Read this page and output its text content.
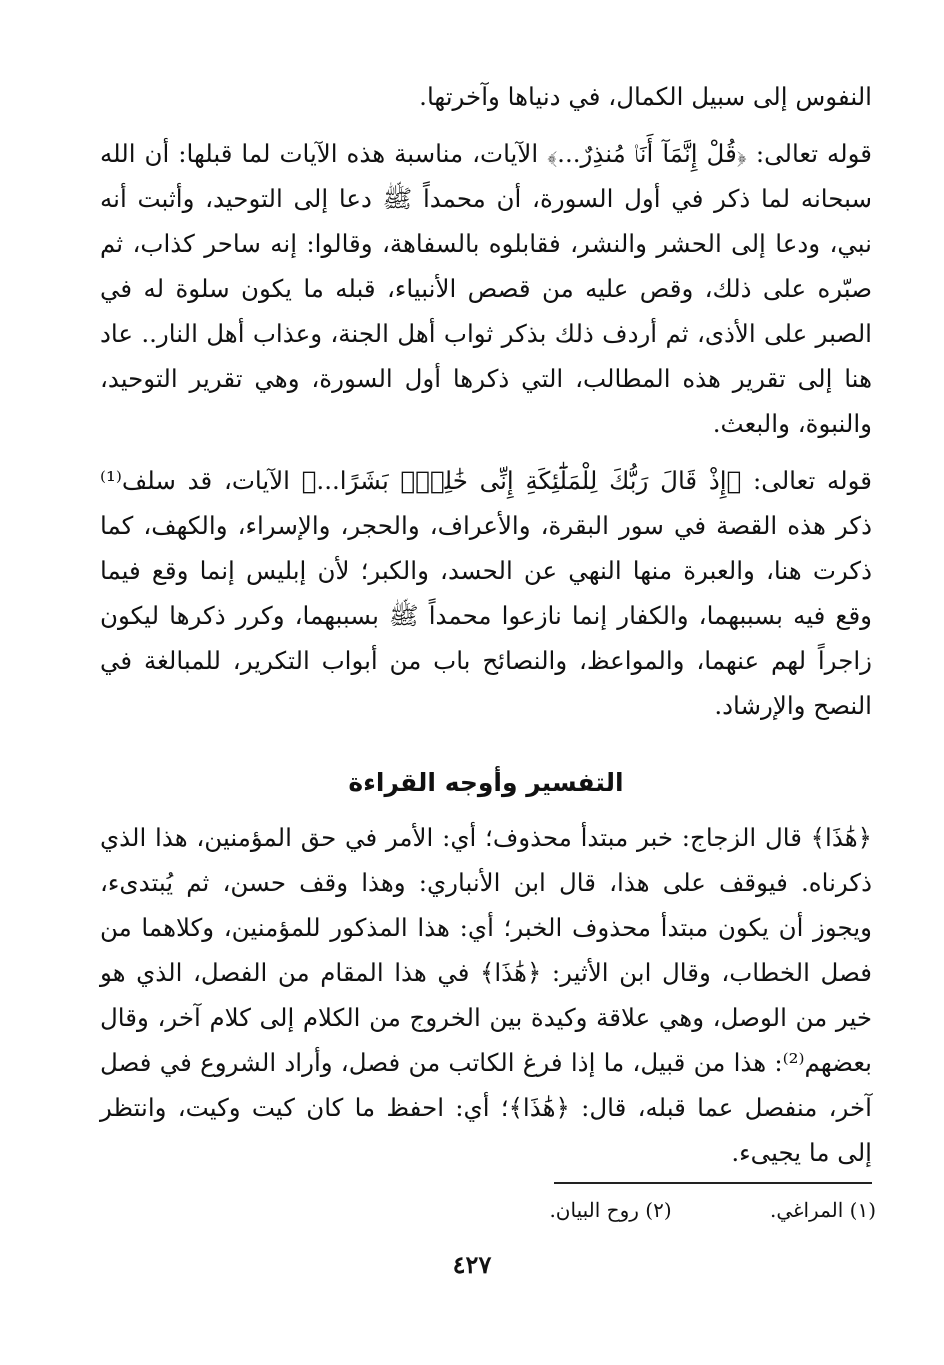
النفوس إلى سبيل الكمال، في دنياها وآخرتها.

قوله تعالى: ﴿قُلْ إِنَّمَآ أَنَا۠ مُنذِرٌ...﴾ الآيات، مناسبة هذه الآيات لما قبلها: أن الله سبحانه لما ذكر في أول السورة، أن محمداً ﷺ دعا إلى التوحيد، وأثبت أنه نبي، ودعا إلى الحشر والنشر، فقابلوه بالسفاهة، وقالوا: إنه ساحر كذاب، ثم صبّره على ذلك، وقص عليه من قصص الأنبياء، قبله ما يكون سلوة له في الصبر على الأذى، ثم أردف ذلك بذكر ثواب أهل الجنة، وعذاب أهل النار.. عاد هنا إلى تقرير هذه المطالب، التي ذكرها أول السورة، وهي تقرير التوحيد، والنبوة، والبعث.

قوله تعالى: ﴿إِذْ قَالَ رَبُّكَ لِلْمَلَٰٓئِكَةِ إِنِّى خَٰلِقٌۢ بَشَرًا...﴾ الآيات، قد سلف⁽¹⁾ ذكر هذه القصة في سور البقرة، والأعراف، والحجر، والإسراء، والكهف، كما ذكرت هنا، والعبرة منها النهي عن الحسد، والكبر؛ لأن إبليس إنما وقع فيما وقع فيه بسببهما، والكفار إنما نازعوا محمداً ﷺ بسببهما، وكرر ذكرها ليكون زاجراً لهم عنهما، والمواعظ، والنصائح باب من أبواب التكرير، للمبالغة في النصح والإرشاد.

التفسير وأوجه القراءة

﴿هَٰذَا﴾ قال الزجاج: خبر مبتدأ محذوف؛ أي: الأمر في حق المؤمنين، هذا الذي ذكرناه. فيوقف على هذا، قال ابن الأنباري: وهذا وقف حسن، ثم يُبتدىء، ويجوز أن يكون مبتدأ محذوف الخبر؛ أي: هذا المذكور للمؤمنين، وكلاهما من فصل الخطاب، وقال ابن الأثير: ﴿هَٰذَا﴾ في هذا المقام من الفصل، الذي هو خير من الوصل، وهي علاقة وكيدة بين الخروج من الكلام إلى كلام آخر، وقال بعضهم⁽²⁾: هذا من قبيل، ما إذا فرغ الكاتب من فصل، وأراد الشروع في فصل آخر، منفصل عما قبله، قال: ﴿هَٰذَا﴾؛ أي: احفظ ما كان كيت وكيت، وانتظر إلى ما يجيىء.

(١) المراغي. (٢) روح البيان.
٤٢٧
